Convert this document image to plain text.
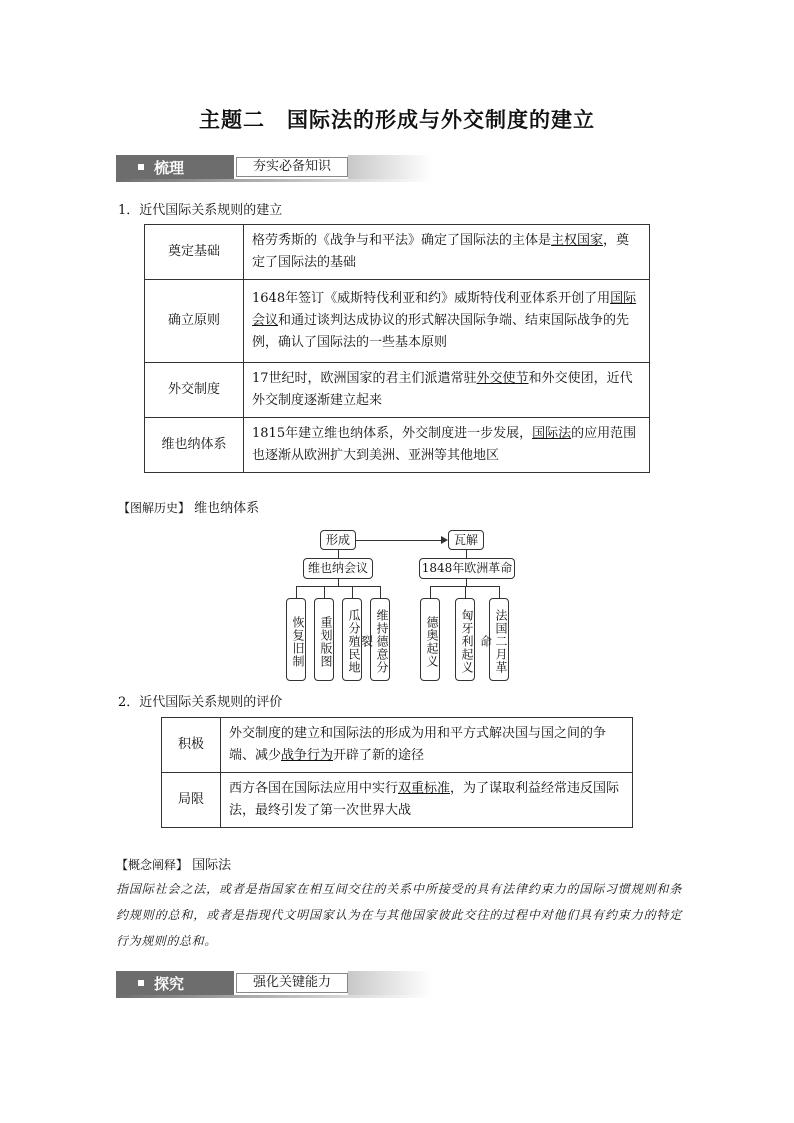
主题二　国际法的形成与外交制度的建立
梳理	夯实必备知识
1．近代国际关系规则的建立
奠定基础	格劳秀斯的《战争与和平法》确定了国际法的主体是主权国家，奠定了国际法的基础
确立原则	1648年签订《威斯特伐利亚和约》威斯特伐利亚体系开创了用国际会议和通过谈判达成协议的形式解决国际争端、结束国际战争的先例，确认了国际法的一些基本原则
外交制度	17世纪时，欧洲国家的君主们派遣常驻外交使节和外交使团，近代外交制度逐渐建立起来
维也纳体系	1815年建立维也纳体系，外交制度进一步发展，国际法的应用范围也逐渐从欧洲扩大到美洲、亚洲等其他地区
【图解历史】 维也纳体系
形成	瓦解
维也纳会议	1848年欧洲革命
恢复旧制	重划版图	瓜分殖民地	维持德意分裂	德奥起义	匈牙利起义	法国二月革命
2．近代国际关系规则的评价
积极	外交制度的建立和国际法的形成为用和平方式解决国与国之间的争端、减少战争行为开辟了新的途径
局限	西方各国在国际法应用中实行双重标准，为了谋取利益经常违反国际法，最终引发了第一次世界大战
【概念阐释】 国际法
指国际社会之法，或者是指国家在相互间交往的关系中所接受的具有法律约束力的国际习惯规则和条约规则的总和，或者是指现代文明国家认为在与其他国家彼此交往的过程中对他们具有约束力的特定行为规则的总和。
探究	强化关键能力
